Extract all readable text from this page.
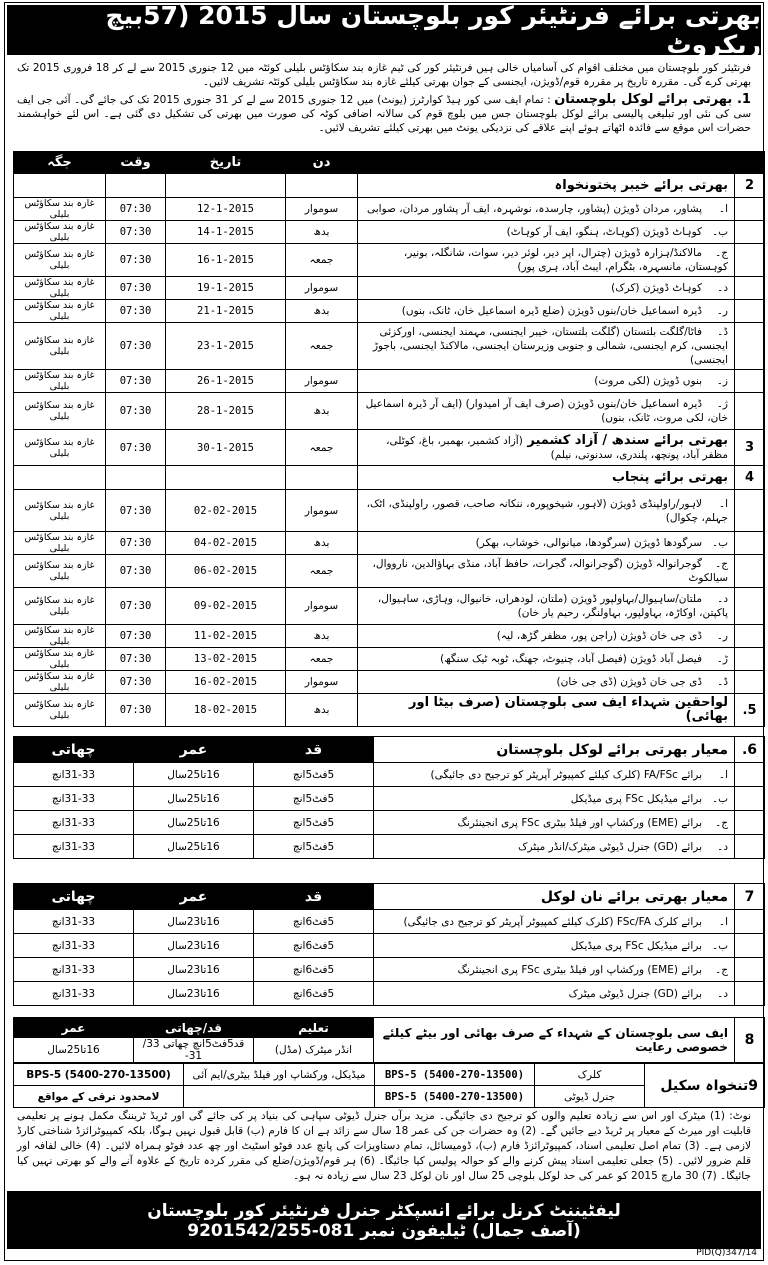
بھرتی برائے فرنٹیئر کور بلوچستان سال 2015 (57بیچ ریکروٹ

فرنٹیئر کور بلوچستان میں مختلف اقوام کی آسامیاں خالی ہیں فرنٹیئر کور کی ٹیم غازہ بند سکاؤٹس بلیلی کوئٹہ میں 12 جنوری 2015 سے لے کر 18 فروری 2015 تک بھرتی کرے گی۔ مقررہ تاریخ پر مقررہ قوم/ڈویژن، ایجنسی کے جوان بھرتی کیلئے غازہ بند سکاؤٹس بلیلی کوئٹہ تشریف لائیں۔

1. بھرتی برائے لوکل بلوچستان : تمام ایف سی کور ہیڈ کوارٹرز (یونٹ) میں 12 جنوری 2015 سے لے کر 31 جنوری 2015 تک کی جائے گی۔ آئی جی ایف سی کی نئی اور تبلیغی پالیسی برائے لوکل بلوچستان جس میں بلوچ قوم کی سالانہ اضافی کوٹہ کی صورت میں بھرتی کی تشکیل دی گئی ہے۔ اس لئے خواہشمند حضرات اس موقع سے فائدہ اٹھاتے ہوئے اپنے علاقے کی نزدیکی یونٹ میں بھرتی کیلئے تشریف لائیں۔

		دن	تاریخ	وقت	جگہ
2	بھرتی برائے خیبر پختونخواہ				
	ا۔پشاور، مردان ڈویژن (پشاور، چارسدہ، نوشہرہ، ایف آر پشاور مردان، صوابی	سوموار	12-1-2015	07:30	غازہ بند سکاؤٹس بلیلی
	ب۔کوہاٹ ڈویژن (کوہاٹ، ہنگو، ایف آر کوہاٹ)	بدھ	14-1-2015	07:30	غازہ بند سکاؤٹس بلیلی
	ج۔مالاکنڈ/ہزارہ ڈویژن (چترال، اپر دیر، لوئر دیر، سوات، شانگلہ، بونیر، کوہستان، مانسہرہ، بٹگرام، ایبٹ آباد، ہری پور)	جمعہ	16-1-2015	07:30	غازہ بند سکاؤٹس بلیلی
	د۔کوہاٹ ڈویژن (کرک)	سوموار	19-1-2015	07:30	غازہ بند سکاؤٹس بلیلی
	ر۔ڈیرہ اسماعیل خان/بنوں ڈویژن (ضلع ڈیرہ اسماعیل خان، ٹانک، بنوں)	بدھ	21-1-2015	07:30	غازہ بند سکاؤٹس بلیلی
	ڈ۔فاٹا/گلگت بلتستان (گلگت بلتستان، خیبر ایجنسی، مہمند ایجنسی، اورکزئی ایجنسی، کرم ایجنسی، شمالی و جنوبی وزیرستان ایجنسی، مالاکنڈ ایجنسی، باجوڑ ایجنسی)	جمعہ	23-1-2015	07:30	غازہ بند سکاؤٹس بلیلی
	ز۔بنوں ڈویژن (لکی مروت)	سوموار	26-1-2015	07:30	غازہ بند سکاؤٹس بلیلی
	ژ۔ڈیرہ اسماعیل خان/بنوں ڈویژن (صرف ایف آر امیدوار) (ایف آر ڈیرہ اسماعیل خان، لکی مروت، ٹانک، بنوں)	بدھ	28-1-2015	07:30	غازہ بند سکاؤٹس بلیلی
3	بھرتی برائے سندھ / آزاد کشمیر (آزاد کشمیر، بھمبر، باغ، کوٹلی، مظفر آباد، پونچھ، پلندری، سدنوتی، نیلم)	جمعہ	30-1-2015	07:30	غازہ بند سکاؤٹس بلیلی
4	بھرتی برائے پنجاب				
	ا۔لاہور/راولپنڈی ڈویژن (لاہور، شیخوپورہ، ننکانہ صاحب، قصور، راولپنڈی، اٹک، جہلم، چکوال)	سوموار	02-02-2015	07:30	غازہ بند سکاؤٹس بلیلی
	ب۔سرگودھا ڈویژن (سرگودھا، میانوالی، خوشاب، بھکر)	بدھ	04-02-2015	07:30	غازہ بند سکاؤٹس بلیلی
	ج۔گوجرانوالہ ڈویژن (گوجرانوالہ، گجرات، حافظ آباد، منڈی بہاؤالدین، نارووال، سیالکوٹ	جمعہ	06-02-2015	07:30	غازہ بند سکاؤٹس بلیلی
	د۔ملتان/ساہیوال/بہاولپور ڈویژن (ملتان، لودھراں، خانیوال، وہاڑی، ساہیوال، پاکپتن، اوکاڑہ، بہاولپور، بہاولنگر، رحیم یار خان)	سوموار	09-02-2015	07:30	غازہ بند سکاؤٹس بلیلی
	ر۔ڈی جی خان ڈویژن (راجن پور، مظفر گڑھ، لیہ)	بدھ	11-02-2015	07:30	غازہ بند سکاؤٹس بلیلی
	ڑ۔فیصل آباد ڈویژن (فیصل آباد، چنیوٹ، جھنگ، ٹوبہ ٹیک سنگھ)	جمعہ	13-02-2015	07:30	غازہ بند سکاؤٹس بلیلی
	ڈ۔ڈی جی خان ڈویژن (ڈی جی خان)	سوموار	16-02-2015	07:30	غازہ بند سکاؤٹس بلیلی
5.	لواحقین شہداء ایف سی بلوچستان (صرف بیٹا اور بھائی)	بدھ	18-02-2015	07:30	غازہ بند سکاؤٹس بلیلی
6.	معیار بھرتی برائے لوکل بلوچستان	قد	عمر	چھاتی
	ا۔برائے FA/FSc (کلرک کیلئے کمپیوٹر آپریٹر کو ترجیح دی جائیگی)	5فٹ5انچ	16تا25سال	31-33انچ
	ب۔برائے میڈیکل FSc پری میڈیکل	5فٹ5انچ	16تا25سال	31-33انچ
	ج۔برائے (EME) ورکشاپ اور فیلڈ بیٹری FSc پری انجینئرنگ	5فٹ5انچ	16تا25سال	31-33انچ
	د۔برائے (GD) جنرل ڈیوٹی میٹرک/انڈر میٹرک	5فٹ5انچ	16تا25سال	31-33انچ
7	معیار بھرتی برائے نان لوکل	قد	عمر	چھاتی
	ا۔برائے کلرک FSc/FA (کلرک کیلئے کمپیوٹر آپریٹر کو ترجیح دی جائیگی)	5فٹ6انچ	16تا23سال	31-33انچ
	ب۔برائے میڈیکل FSc پری میڈیکل	5فٹ6انچ	16تا23سال	31-33انچ
	ج۔برائے (EME) ورکشاپ اور فیلڈ بیٹری FSc پری انجینئرنگ	5فٹ6انچ	16تا23سال	31-33انچ
	د۔برائے (GD) جنرل ڈیوٹی میٹرک	5فٹ6انچ	16تا23سال	31-33انچ
8	ایف سی بلوچستان کے شہداء کے صرف بھائی اور بیٹے کیلئے خصوصی رعایت	تعلیم	قد/چھاتی	عمر
		انڈر میٹرک (مڈل)	قد5فٹ5انچ چھاتی 33/ 31-	16تا25سال
9تنخواہ سکیل	کلرک	BPS-5 (5400-270-13500)	میڈیکل، ورکشاپ اور فیلڈ بیٹری/ایم آئی	BPS-5 (5400-270-13500)
	جنرل ڈیوٹی	BPS-5 (5400-270-13500)		لامحدود ترقی کے مواقع

نوٹ: (1) میٹرک اور اس سے زیادہ تعلیم والوں کو ترجیح دی جائیگی۔ مزید برآں جنرل ڈیوٹی سپاہی کی بنیاد پر کی جائے گی اور ٹریڈ ٹریننگ مکمل ہونے پر تعلیمی قابلیت اور میرٹ کے معیار پر ٹریڈ دیے جائیں گے۔ (2) وہ حضرات جن کی عمر 18 سال سے زائد ہے ان کا فارم (ب) قابل قبول نہیں ہوگا، بلکہ کمپیوٹرائزڈ شناختی کارڈ لازمی ہے۔ (3) تمام اصل تعلیمی اسناد، کمپیوٹرائزڈ فارم (ب)، ڈومیسائل، تمام دستاویزات کی پانچ عدد فوٹو اسٹیٹ اور چھ عدد فوٹو ہمراہ لائیں۔ (4) خالی لفافہ اور قلم ضرور لائیں۔ (5) جعلی تعلیمی اسناد پیش کرنے والے کو حوالہ پولیس کیا جائیگا۔ (6) ہر قوم/ڈویژن/ضلع کی مقرر کردہ تاریخ کے علاوہ آنے والے کو بھرتی نہیں کیا جائیگا۔ (7) 30 مارچ 2015 کو عمر کی حد لوکل بلوچی 25 سال اور نان لوکل 23 سال سے زیادہ نہ ہو۔

لیفٹیننٹ کرنل برائے انسپکٹر جنرل فرنٹیئر کور بلوچستان
(آصف جمال) ٹیلیفون نمبر 081-9201542/255
PID(Q)347/14
